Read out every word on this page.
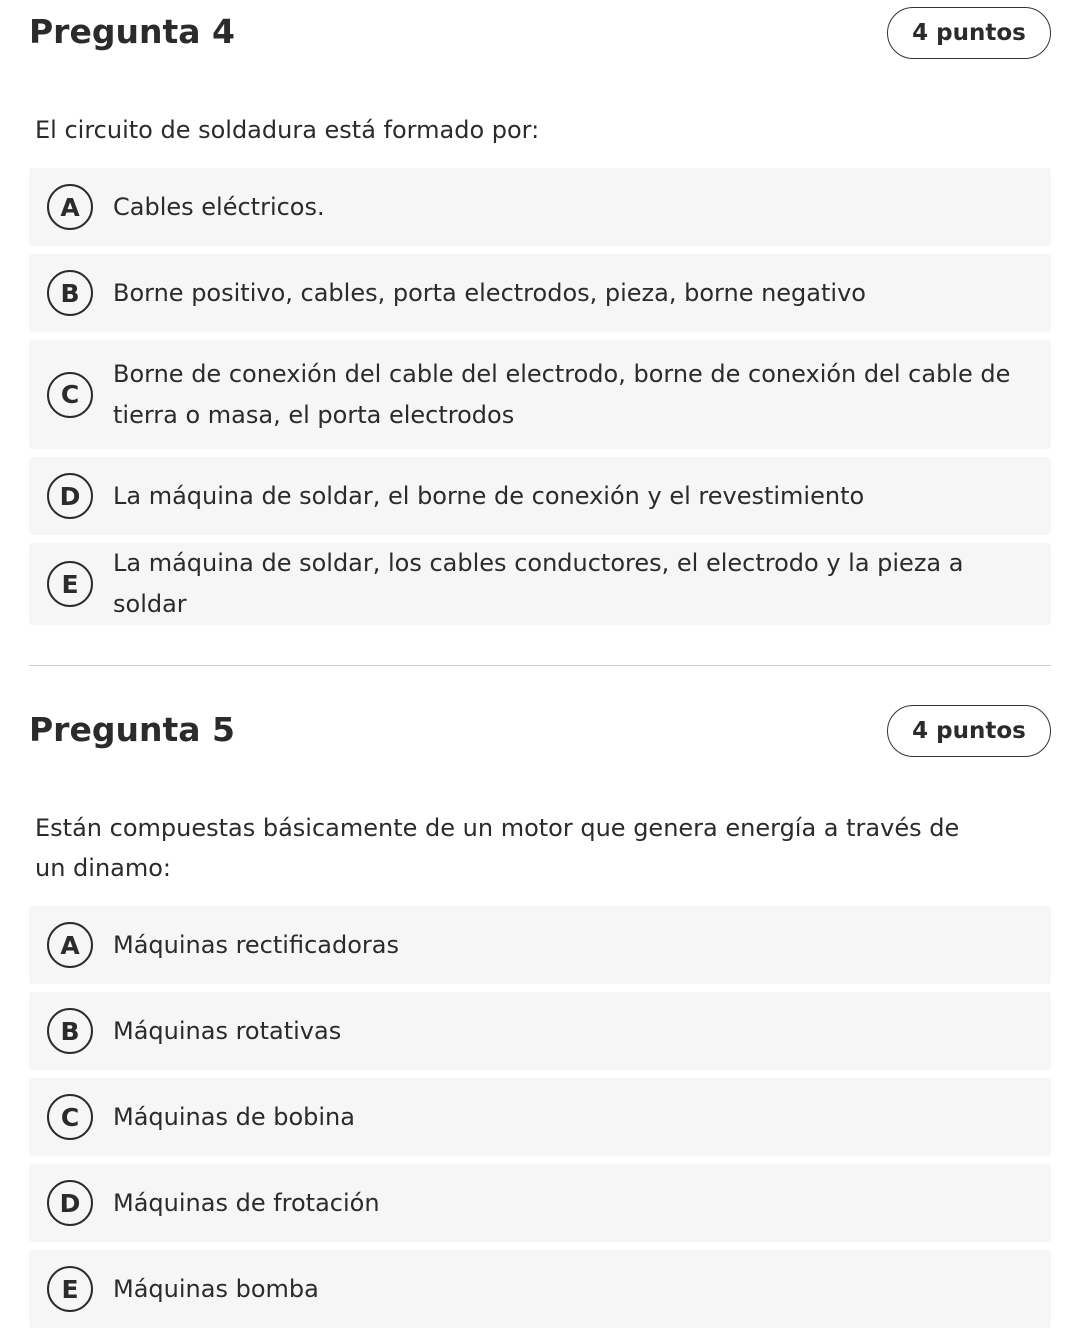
Pregunta 4	4 puntos
El circuito de soldadura está formado por:
A	Cables eléctricos.
B	Borne positivo, cables, porta electrodos, pieza, borne negativo
C
Borne de conexión del cable del electrodo, borne de conexión del cable de tierra o masa, el porta electrodos
D	La máquina de soldar, el borne de conexión y el revestimiento
E
La máquina de soldar, los cables conductores, el electrodo y la pieza a soldar
Pregunta 5	4 puntos
Están compuestas básicamente de un motor que genera energía a través de un dinamo:
A	Máquinas rectificadoras
B	Máquinas rotativas
C	Máquinas de bobina
D	Máquinas de frotación
E	Máquinas bomba
